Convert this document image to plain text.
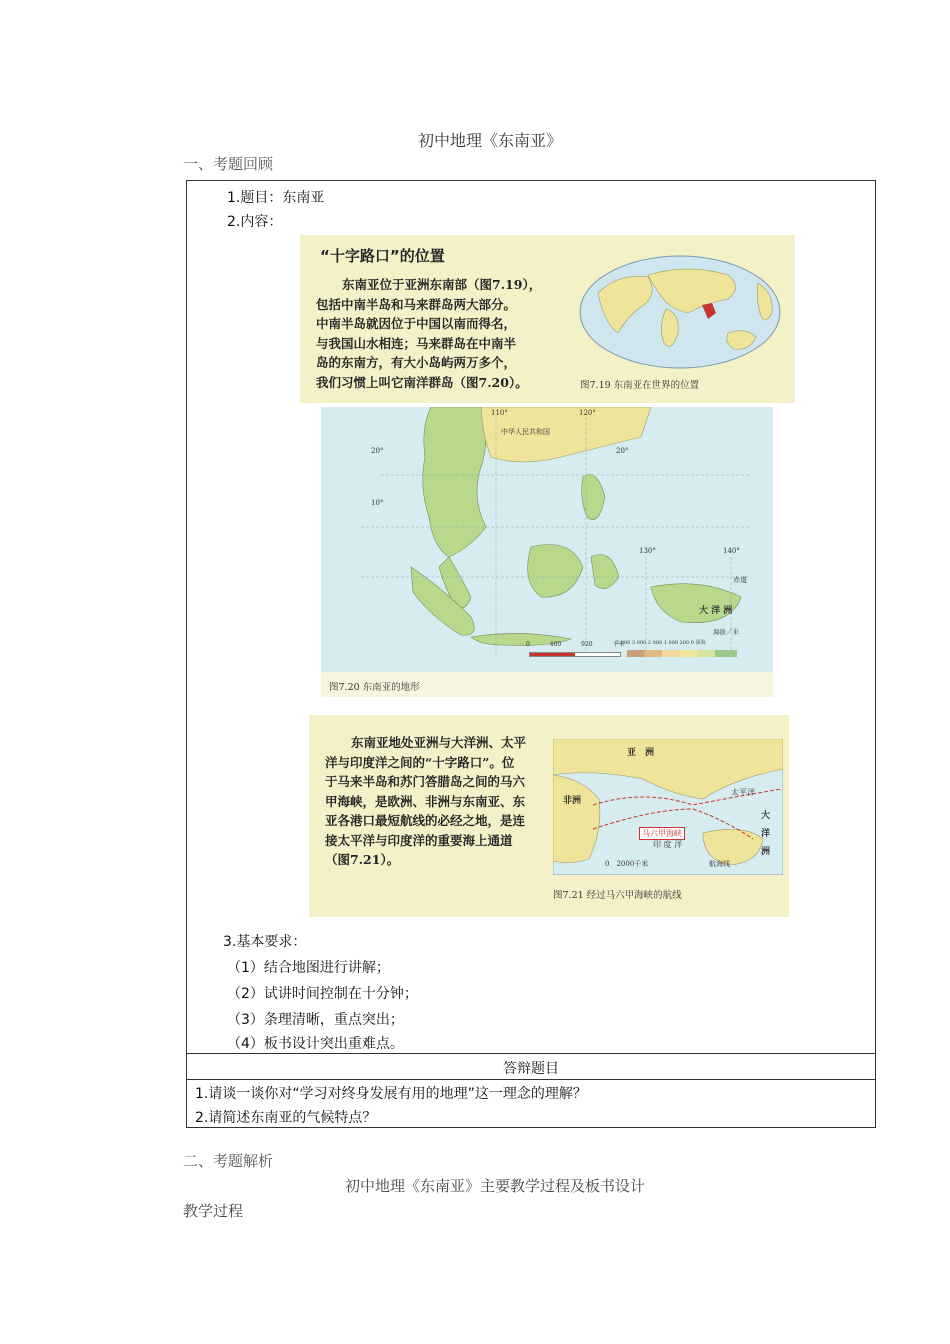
初中地理《东南亚》
一、考题回顾
1.题目：东南亚
2.内容：
“十字路口”的位置
东南亚位于亚洲东南部（图7.19），
包括中南半岛和马来群岛两大部分。
中南半岛就因位于中国以南而得名，
与我国山水相连；马来群岛在中南半
岛的东南方，有大小岛屿两万多个，
我们习惯上叫它南洋群岛（图7.20）。	图7.19 东南亚在世界的位置
中华人民共和国
20°	20°
10°
110°	120°
130°	140°
赤道
大 洋 洲
0	400	920 千米
海拔／米
5 000 3 000 2 000 1 000 200 0 深海
图7.20 东南亚的地形
东南亚地处亚洲与大洋洲、太平
洋与印度洋之间的“十字路口”。位
于马来半岛和苏门答腊岛之间的马六
甲海峡，是欧洲、非洲与东南亚、东
亚各港口最短航线的必经之地，是连
接太平洋与印度洋的重要海上通道
（图7.21）。
亚　洲
非洲
太平洋
大 洋 洲
印 度 洋
马六甲海峡
0　2000千米	航海线
图7.21 经过马六甲海峡的航线
3.基本要求：
（1）结合地图进行讲解；
（2）试讲时间控制在十分钟；
（3）条理清晰，重点突出；
（4）板书设计突出重难点。
答辩题目
1.请谈一谈你对“学习对终身发展有用的地理”这一理念的理解？
2.请简述东南亚的气候特点？
二、考题解析
初中地理《东南亚》主要教学过程及板书设计
教学过程
